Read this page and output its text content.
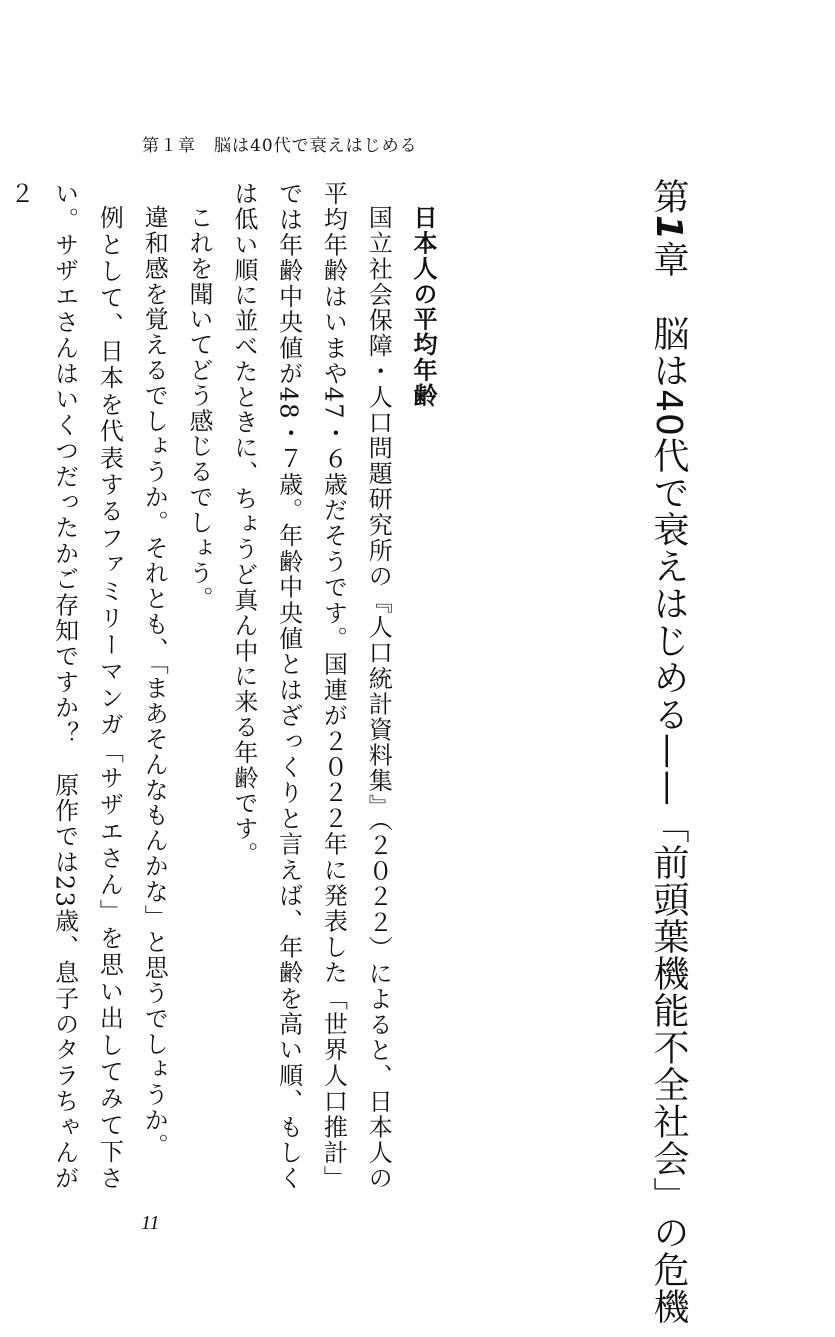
第１章　脳は40代で衰えはじめる
第1章　脳は40代で衰えはじめる——「前頭葉機能不全社会」の危機
日本人の平均年齢

国立社会保障・人口問題研究所の『人口統計資料集』（２０２２）によると、日本人の平均年齢はいまや47・６歳だそうです。国連が２０２２年に発表した「世界人口推計」では年齢中央値が48・７歳。年齢中央値とはざっくりと言えば、年齢を高い順、もしくは低い順に並べたときに、ちょうど真ん中に来る年齢です。

これを聞いてどう感じるでしょう。

違和感を覚えるでしょうか。それとも、「まあそんなもんかな」と思うでしょうか。

例として、日本を代表するファミリーマンガ「サザエさん」を思い出してみて下さい。サザエさんはいくつだったかご存知ですか？　原作では23歳、息子のタラちゃんが２

11
